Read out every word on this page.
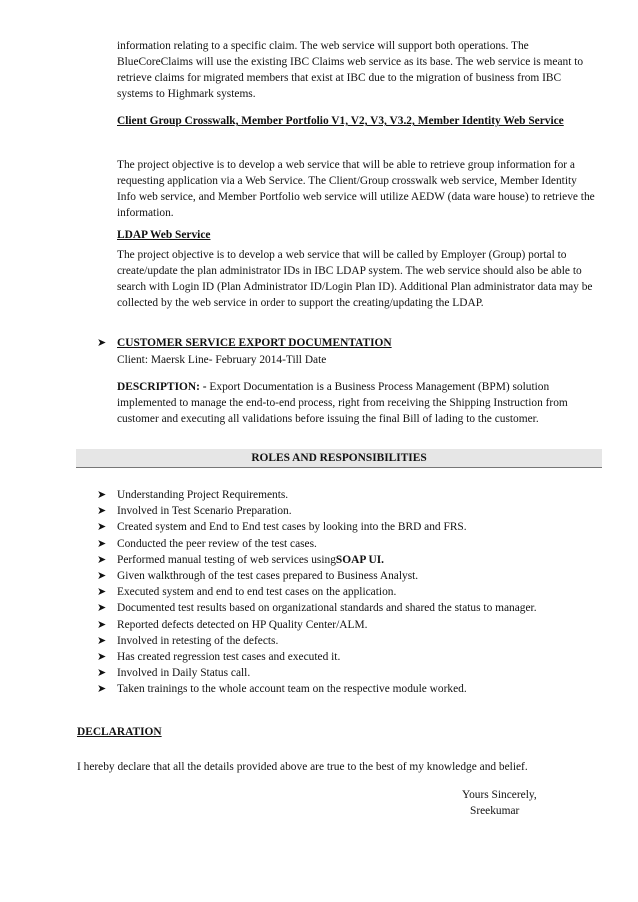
information relating to a specific claim. The web service will support both operations. The BlueCoreClaims will use the existing IBC Claims web service as its base. The web service is meant to retrieve claims for migrated members that exist at IBC due to the migration of business from IBC systems to Highmark systems.

Client Group Crosswalk, Member Portfolio V1, V2, V3, V3.2, Member Identity Web Service

The project objective is to develop a web service that will be able to retrieve group information for a requesting application via a Web Service. The Client/Group crosswalk web service, Member Identity Info web service, and Member Portfolio web service will utilize AEDW (data ware house) to retrieve the information.

LDAP Web Service

The project objective is to develop a web service that will be called by Employer (Group) portal to create/update the plan administrator IDs in IBC LDAP system. The web service should also be able to search with Login ID (Plan Administrator ID/Login Plan ID). Additional Plan administrator data may be collected by the web service in order to support the creating/updating the LDAP.

➤ CUSTOMER SERVICE EXPORT DOCUMENTATION

Client: Maersk Line- February 2014-Till Date

DESCRIPTION: - Export Documentation is a Business Process Management (BPM) solution implemented to manage the end-to-end process, right from receiving the Shipping Instruction from customer and executing all validations before issuing the final Bill of lading to the customer.

ROLES AND RESPONSIBILITIES
➤ Understanding Project Requirements.
➤ Involved in Test Scenario Preparation.
➤ Created system and End to End test cases by looking into the BRD and FRS.
➤ Conducted the peer review of the test cases.
➤ Performed manual testing of web services using SOAP UI.
➤ Given walkthrough of the test cases prepared to Business Analyst.
➤ Executed system and end to end test cases on the application.
➤ Documented test results based on organizational standards and shared the status to manager.
➤ Reported defects detected on HP Quality Center/ALM.
➤ Involved in retesting of the defects.
➤ Has created regression test cases and executed it.
➤ Involved in Daily Status call.
➤ Taken trainings to the whole account team on the respective module worked.

DECLARATION

I hereby declare that all the details provided above are true to the best of my knowledge and belief.

Yours Sincerely,

Sreekumar
